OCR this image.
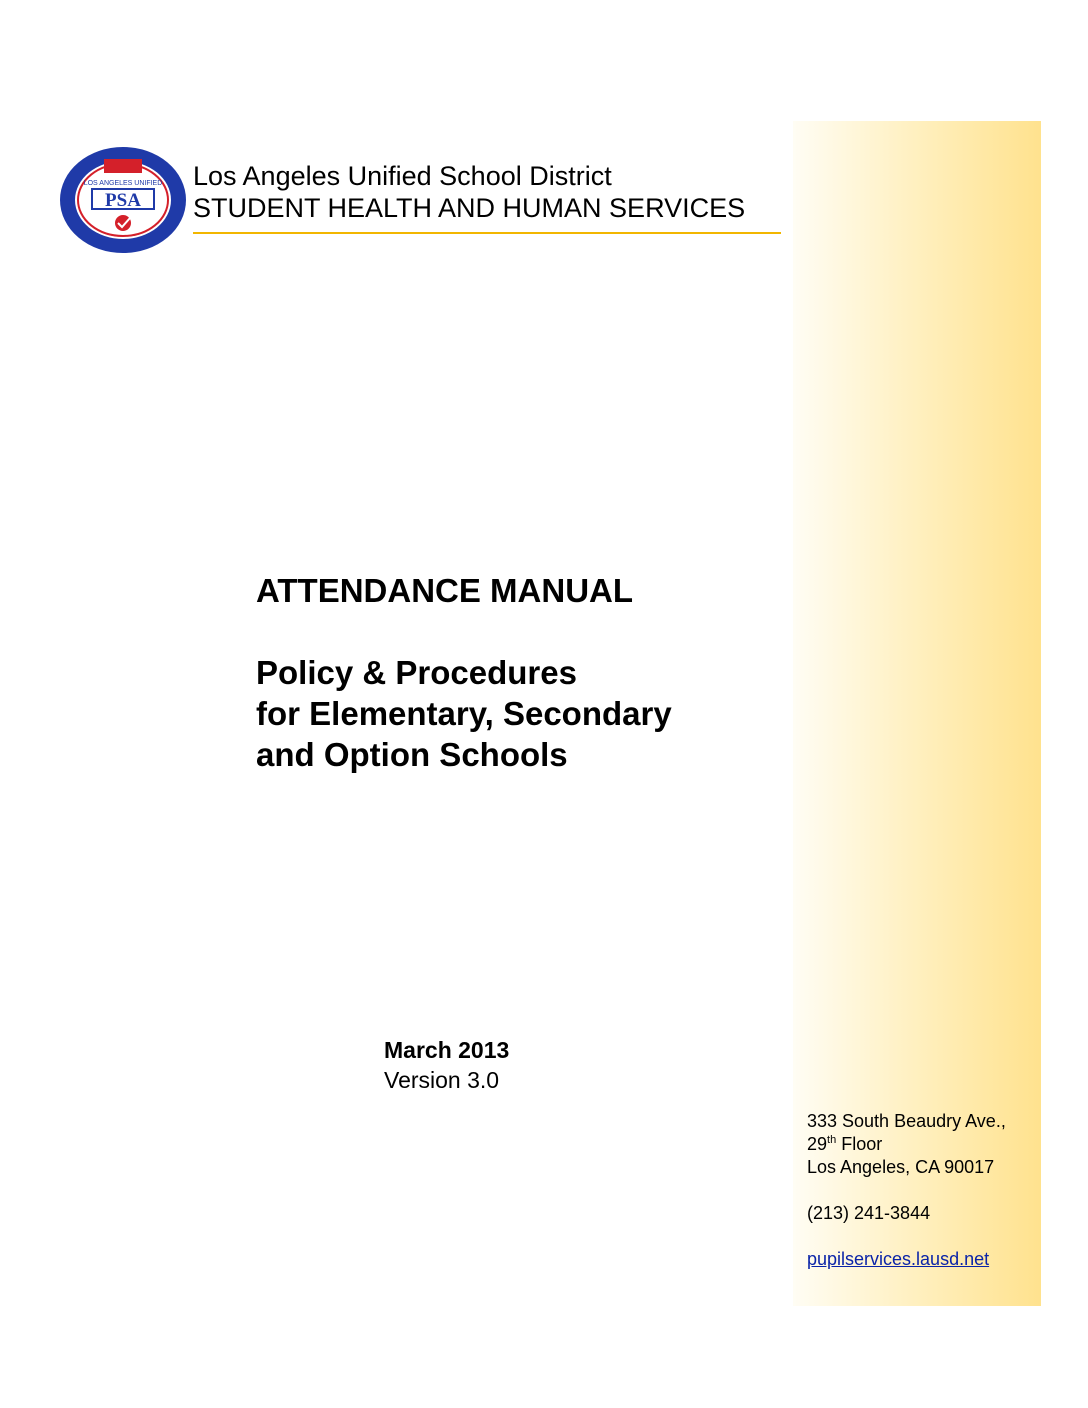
LOS ANGELES UNIFIED
PSA
Los Angeles Unified School District
STUDENT HEALTH AND HUMAN SERVICES
ATTENDANCE MANUAL
Policy & Procedures
for Elementary, Secondary
and Option Schools
March 2013
Version 3.0
333 South Beaudry Ave.,
29th Floor
Los Angeles, CA 90017
(213) 241-3844
pupilservices.lausd.net
